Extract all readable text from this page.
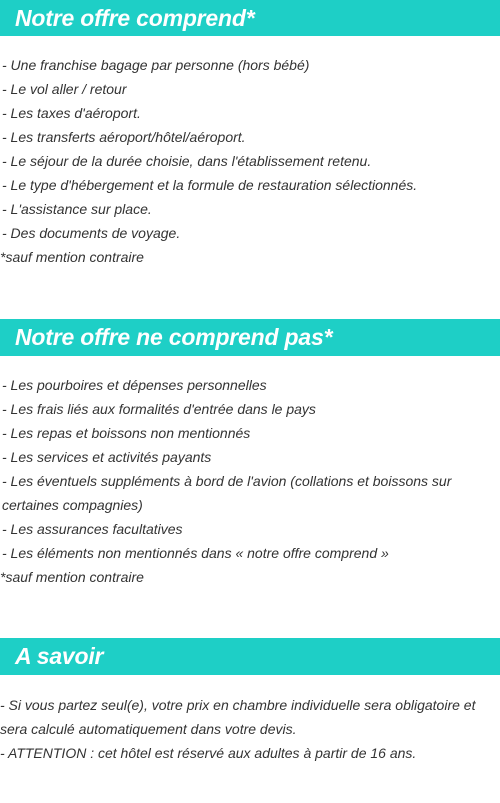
Notre offre comprend*
- Une franchise bagage par personne (hors bébé)
- Le vol aller / retour
- Les taxes d'aéroport.
- Les transferts aéroport/hôtel/aéroport.
- Le séjour de la durée choisie, dans l'établissement retenu.
- Le type d'hébergement et la formule de restauration sélectionnés.
- L'assistance sur place.
- Des documents de voyage.
*sauf mention contraire
Notre offre ne comprend pas*
- Les pourboires et dépenses personnelles
- Les frais liés aux formalités d'entrée dans le pays
- Les repas et boissons non mentionnés
- Les services et activités payants
- Les éventuels suppléments à bord de l'avion (collations et boissons sur certaines compagnies)
- Les assurances facultatives
- Les éléments non mentionnés dans « notre offre comprend »
*sauf mention contraire
A savoir
- Si vous partez seul(e), votre prix en chambre individuelle sera obligatoire et sera calculé automatiquement dans votre devis.
- ATTENTION : cet hôtel est réservé aux adultes à partir de 16 ans.
